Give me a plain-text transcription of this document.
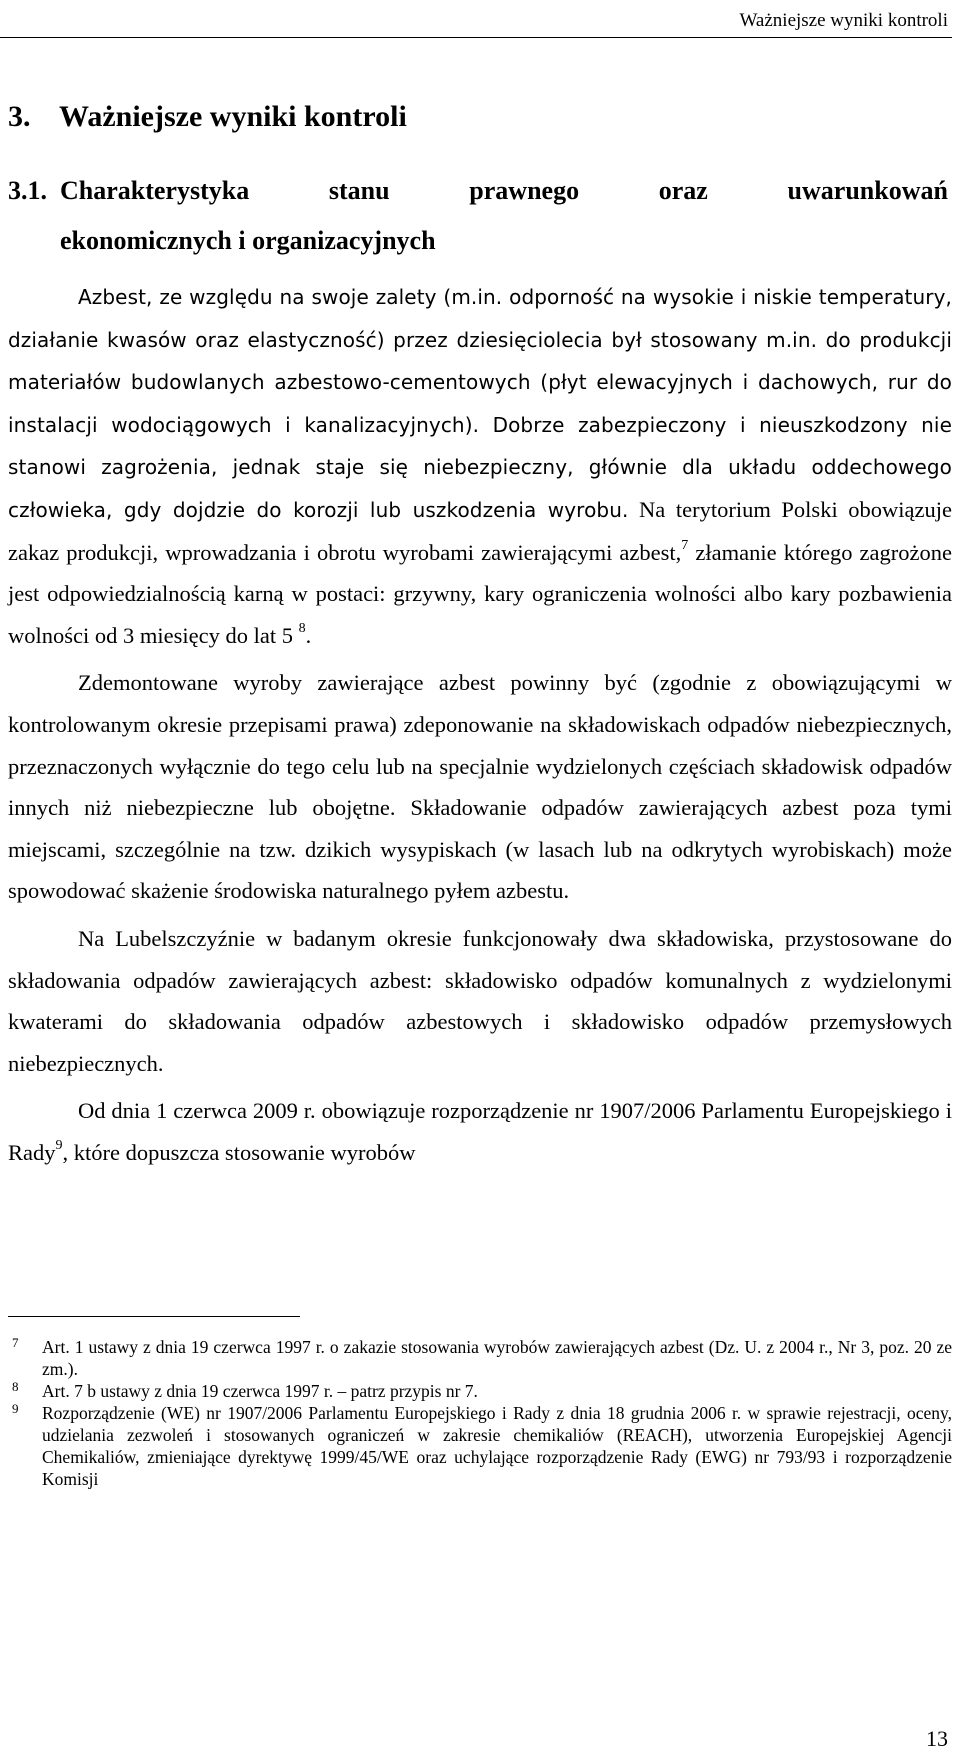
Ważniejsze wyniki kontroli
3. Ważniejsze wyniki kontroli
3.1. Charakterystyka	stanu	prawnego	oraz	uwarunkowań
ekonomicznych i organizacyjnych

Azbest, ze względu na swoje zalety (m.in. odporność na wysokie i niskie temperatury, działanie kwasów oraz elastyczność) przez dziesięciolecia był stosowany m.in. do produkcji materiałów budowlanych azbestowo-cementowych (płyt elewacyjnych i dachowych, rur do instalacji wodociągowych i kanalizacyjnych). Dobrze zabezpieczony i nieuszkodzony nie stanowi zagrożenia, jednak staje się niebezpieczny, głównie dla układu oddechowego człowieka, gdy dojdzie do korozji lub uszkodzenia wyrobu. Na terytorium Polski obowiązuje zakaz produkcji, wprowadzania i obrotu wyrobami zawierającymi azbest,$^7$ złamanie którego zagrożone jest odpowiedzialnością karną w postaci: grzywny, kary ograniczenia wolności albo kary pozbawienia wolności od 3 miesięcy do lat 5 $^8$.

Zdemontowane wyroby zawierające azbest powinny być (zgodnie z obowiązującymi w kontrolowanym okresie przepisami prawa) zdeponowanie na składowiskach odpadów niebezpiecznych, przeznaczonych wyłącznie do tego celu lub na specjalnie wydzielonych częściach składowisk odpadów innych niż niebezpieczne lub obojętne. Składowanie odpadów zawierających azbest poza tymi miejscami, szczególnie na tzw. dzikich wysypiskach (w lasach lub na odkrytych wyrobiskach) może spowodować skażenie środowiska naturalnego pyłem azbestu.

Na Lubelszczyźnie w badanym okresie funkcjonowały dwa składowiska, przystosowane do składowania odpadów zawierających azbest: składowisko odpadów komunalnych z wydzielonymi kwaterami do składowania odpadów azbestowych i składowisko odpadów przemysłowych niebezpiecznych.

Od dnia 1 czerwca 2009 r. obowiązuje rozporządzenie nr 1907/2006 Parlamentu Europejskiego i Rady$^9$, które dopuszcza stosowanie wyrobów

7	Art. 1 ustawy z dnia 19 czerwca 1997 r. o zakazie stosowania wyrobów zawierających azbest (Dz. U. z 2004 r., Nr 3, poz. 20 ze zm.).
8	Art. 7 b ustawy z dnia 19 czerwca 1997 r. – patrz przypis nr 7.
9	Rozporządzenie (WE) nr 1907/2006 Parlamentu Europejskiego i Rady z dnia 18 grudnia 2006 r. w sprawie rejestracji, oceny, udzielania zezwoleń i stosowanych ograniczeń w zakresie chemikaliów (REACH), utworzenia Europejskiej Agencji Chemikaliów, zmieniające dyrektywę 1999/45/WE oraz uchylające rozporządzenie Rady (EWG) nr 793/93 i rozporządzenie Komisji
13
